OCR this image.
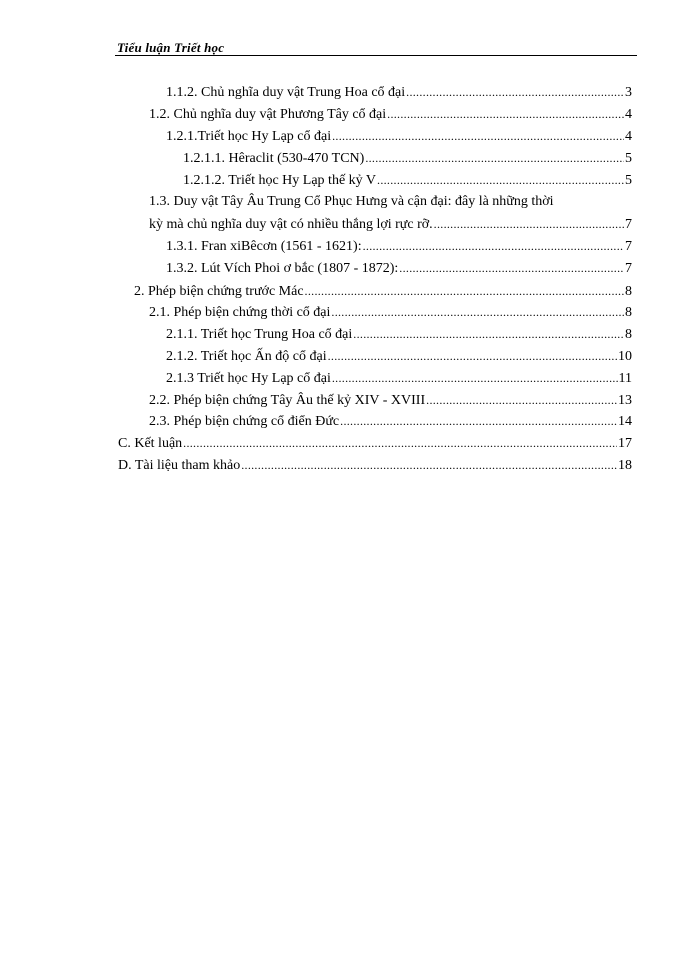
Tiểu luận Triết học
1.1.2. Chủ nghĩa duy vật Trung Hoa cổ đại .....	3
1.2. Chủ nghĩa duy vật Phương Tây cổ đại .....	4
1.2.1.Triết học Hy Lạp cổ đại .....	4
1.2.1.1. Hêraclit (530-470 TCN) .....	5
1.2.1.2. Triết học Hy Lạp thế kỷ V .....	5
1.3. Duy vật Tây Âu Trung Cổ Phục Hưng và cận đại: đây là những thời
kỳ mà chủ nghĩa duy vật có nhiều thắng lợi rực rỡ. .....	7
1.3.1. Fran xiBêcơn (1561 - 1621): .....	7
1.3.2. Lút Vích Phoi ơ bắc (1807 - 1872): .....	7
2. Phép biện chứng trước Mác .....	8
2.1. Phép biện chứng thời cổ đại .....	8
2.1.1. Triết học Trung Hoa cổ đại .....	8
2.1.2. Triết học Ấn độ cổ đại .....	10
2.1.3 Triết học Hy Lạp cổ đại .....	11
2.2. Phép biện chứng Tây Âu thế kỷ XIV - XVIII .....	13
2.3. Phép biện chứng cổ điển Đức .....	14
C. Kết luận .....	17
D. Tài liệu tham khảo .....	18
